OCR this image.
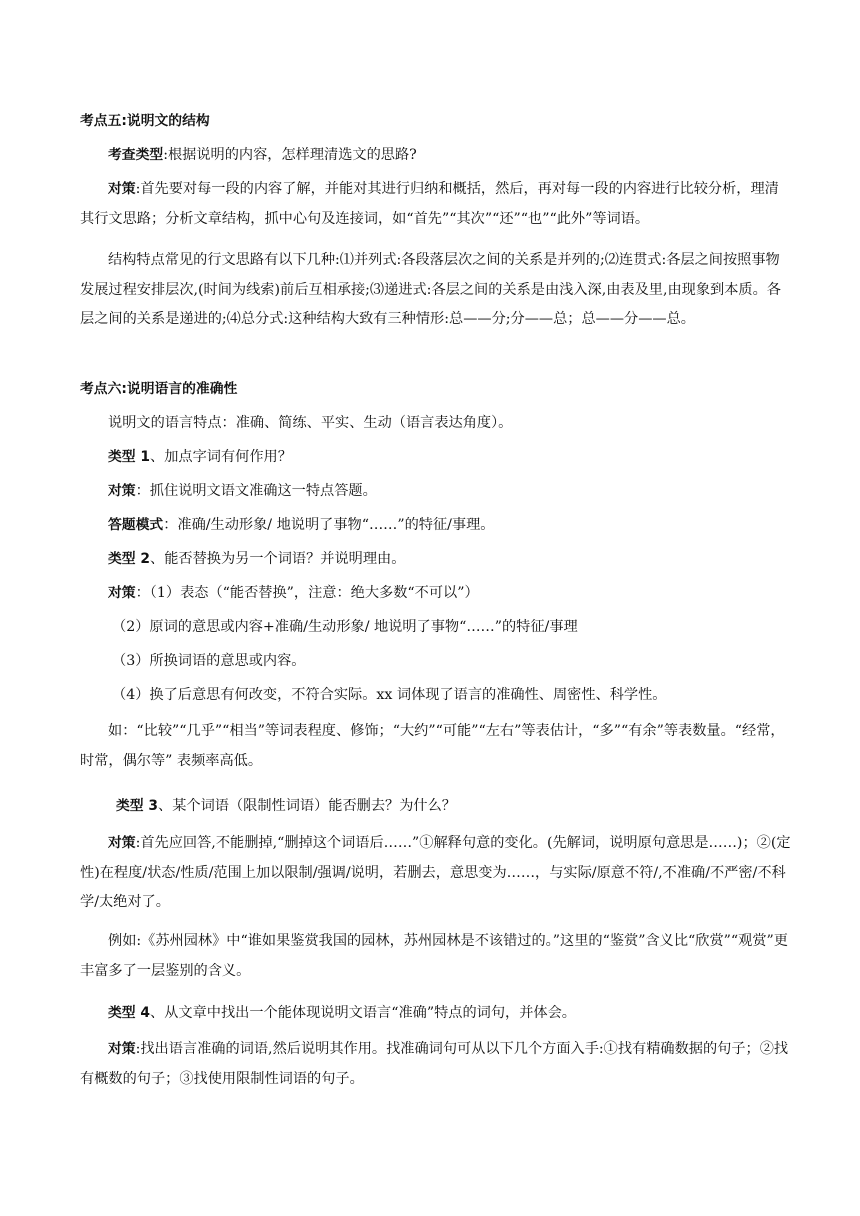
考点五:说明文的结构

考查类型:根据说明的内容，怎样理清选文的思路?

对策:首先要对每一段的内容了解，并能对其进行归纳和概括，然后，再对每一段的内容进行比较分析，理清其行文思路；分析文章结构，抓中心句及连接词，如“首先”“其次”“还”“也”“此外”等词语。

结构特点常见的行文思路有以下几种:⑴并列式:各段落层次之间的关系是并列的;⑵连贯式:各层之间按照事物发展过程安排层次,(时间为线索)前后互相承接;⑶递进式:各层之间的关系是由浅入深,由表及里,由现象到本质。各层之间的关系是递进的;⑷总分式:这种结构大致有三种情形:总——分;分——总；总——分——总。

考点六:说明语言的准确性

说明文的语言特点：准确、简练、平实、生动（语言表达角度）。

类型 1、加点字词有何作用？

对策：抓住说明文语文准确这一特点答题。

答题模式：准确/生动形象/ 地说明了事物“……”的特征/事理。

类型 2、能否替换为另一个词语？并说明理由。

对策：（1）表态（“能否替换”，注意：绝大多数“不可以”）

（2）原词的意思或内容+准确/生动形象/ 地说明了事物“……”的特征/事理

（3）所换词语的意思或内容。

（4）换了后意思有何改变，不符合实际。xx 词体现了语言的准确性、周密性、科学性。

如：“比较”“几乎”“相当”等词表程度、修饰；“大约”“可能”“左右”等表估计，“多”“有余”等表数量。“经常，时常，偶尔等” 表频率高低。

类型 3、某个词语（限制性词语）能否删去？为什么？

对策:首先应回答,不能删掉,“删掉这个词语后……”①解释句意的变化。(先解词，说明原句意思是……)；②(定性)在程度/状态/性质/范围上加以限制/强调/说明，若删去，意思变为……，与实际/原意不符/,不准确/不严密/不科学/太绝对了。

例如:《苏州园林》中“谁如果鉴赏我国的园林，苏州园林是不该错过的。”这里的“鉴赏”含义比“欣赏”“观赏”更丰富多了一层鉴别的含义。

类型 4、从文章中找出一个能体现说明文语言“准确”特点的词句，并体会。

对策:找出语言准确的词语,然后说明其作用。找准确词句可从以下几个方面入手:①找有精确数据的句子；②找有概数的句子；③找使用限制性词语的句子。
